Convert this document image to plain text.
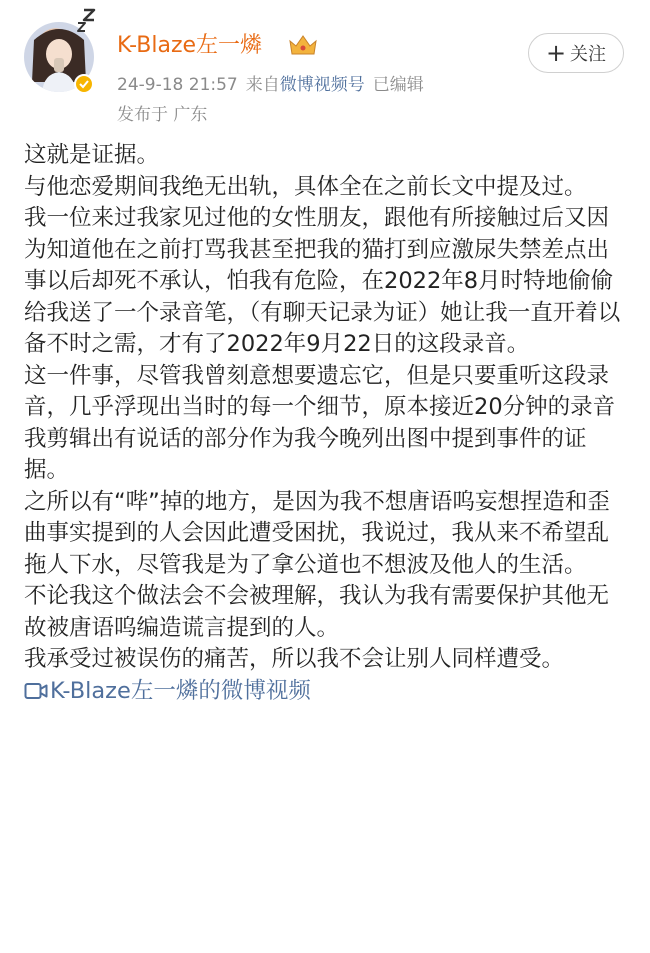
K-Blaze左一燐
24-9-18 21:57 来自微博视频号 已编辑
发布于 广东
+ 关注

这就是证据。

与他恋爱期间我绝无出轨，具体全在之前长文中提及过。

我一位来过我家见过他的女性朋友，跟他有所接触过后又因为知道他在之前打骂我甚至把我的猫打到应激尿失禁差点出事以后却死不承认，怕我有危险，在2022年8月时特地偷偷给我送了一个录音笔，（有聊天记录为证）她让我一直开着以备不时之需，才有了2022年9月22日的这段录音。

这一件事，尽管我曾刻意想要遗忘它，但是只要重听这段录音，几乎浮现出当时的每一个细节，原本接近20分钟的录音我剪辑出有说话的部分作为我今晚列出图中提到事件的证据。

之所以有“哔”掉的地方，是因为我不想唐语呜妄想捏造和歪曲事实提到的人会因此遭受困扰，我说过，我从来不希望乱拖人下水，尽管我是为了拿公道也不想波及他人的生活。

不论我这个做法会不会被理解，我认为我有需要保护其他无故被唐语呜编造谎言提到的人。

我承受过被误伤的痛苦，所以我不会让别人同样遭受。  K-Blaze左一燐的微博视频
